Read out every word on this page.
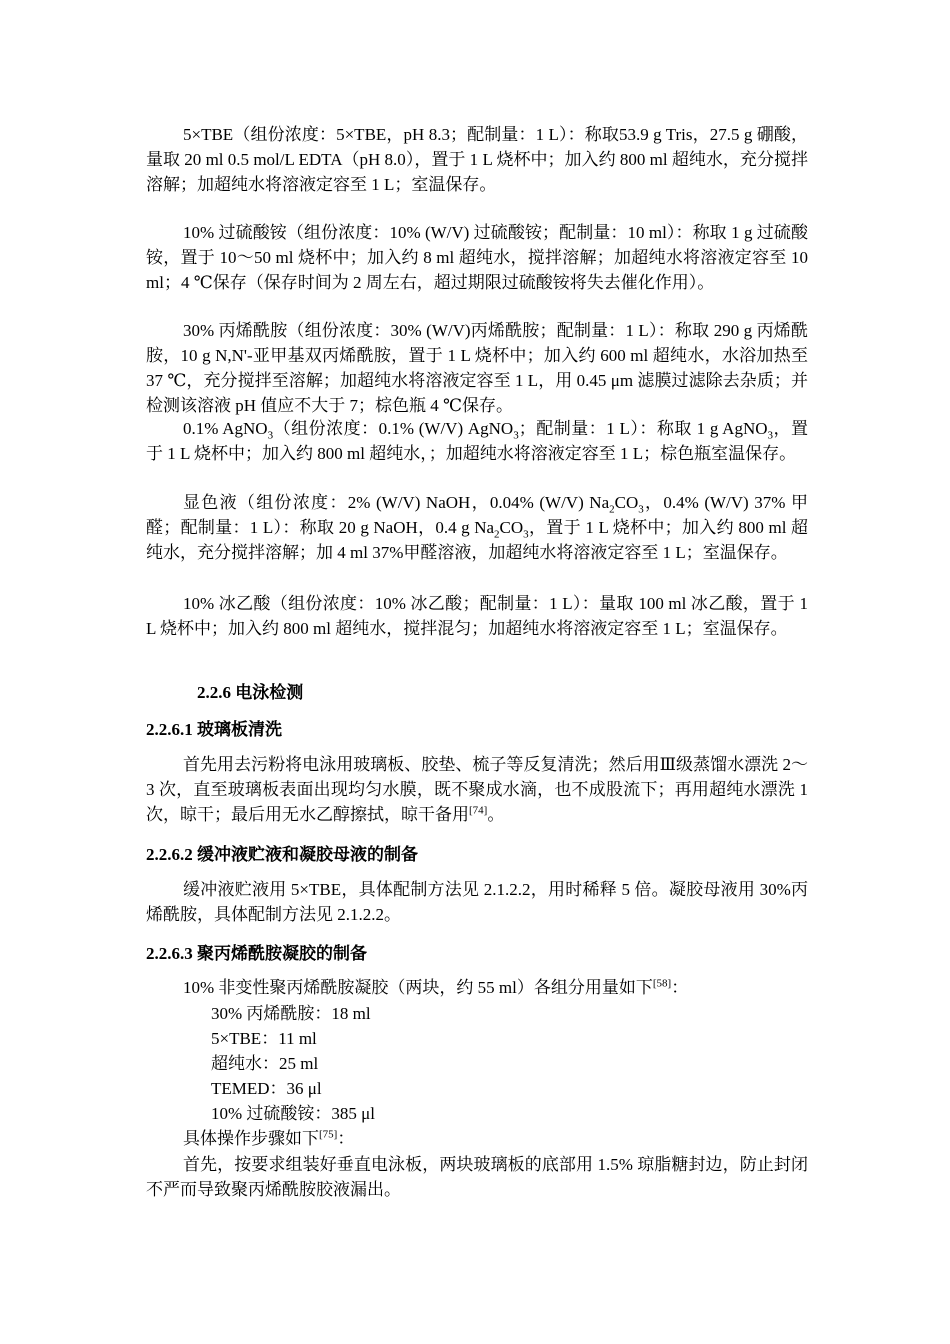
5×TBE（组份浓度：5×TBE，pH 8.3；配制量：1 L）：称取53.9 g Tris，27.5 g 硼酸，量取 20 ml 0.5 mol/L EDTA（pH 8.0），置于 1 L 烧杯中；加入约 800 ml 超纯水，充分搅拌溶解；加超纯水将溶液定容至 1 L；室温保存。

10% 过硫酸铵（组份浓度：10% (W/V) 过硫酸铵；配制量：10 ml）：称取 1 g 过硫酸铵，置于 10～50 ml 烧杯中；加入约 8 ml 超纯水，搅拌溶解；加超纯水将溶液定容至 10 ml；4 ℃保存（保存时间为 2 周左右，超过期限过硫酸铵将失去催化作用）。

30% 丙烯酰胺（组份浓度：30% (W/V)丙烯酰胺；配制量：1 L）：称取 290 g 丙烯酰胺，10 g N,N'-亚甲基双丙烯酰胺，置于 1 L 烧杯中；加入约 600 ml 超纯水，水浴加热至 37 ℃，充分搅拌至溶解；加超纯水将溶液定容至 1 L，用 0.45 μm 滤膜过滤除去杂质；并检测该溶液 pH 值应不大于 7；棕色瓶 4 ℃保存。

0.1% AgNO$_3$（组份浓度：0.1% (W/V) AgNO$_3$；配制量：1 L）：称取 1 g AgNO$_3$，置于 1 L 烧杯中；加入约 800 ml 超纯水，；加超纯水将溶液定容至 1 L；棕色瓶室温保存。

显色液（组份浓度：2% (W/V) NaOH，0.04% (W/V) $Na_2CO_3$，0.4% (W/V) 37% 甲醛；配制量：1 L）：称取 20 g NaOH，0.4 g $Na_2CO_3$，置于 1 L 烧杯中；加入约 800 ml 超纯水，充分搅拌溶解；加 4 ml 37%甲醛溶液，加超纯水将溶液定容至 1 L；室温保存。

10% 冰乙酸（组份浓度：10% 冰乙酸；配制量：1 L）：量取 100 ml 冰乙酸，置于 1 L 烧杯中；加入约 800 ml 超纯水，搅拌混匀；加超纯水将溶液定容至 1 L；室温保存。

2.2.6 电泳检测

2.2.6.1 玻璃板清洗

首先用去污粉将电泳用玻璃板、胶垫、梳子等反复清洗；然后用Ⅲ级蒸馏水漂洗 2～3 次，直至玻璃板表面出现均匀水膜，既不聚成水滴，也不成股流下；再用超纯水漂洗 1 次，晾干；最后用无水乙醇擦拭，晾干备用[74]。

2.2.6.2 缓冲液贮液和凝胶母液的制备

缓冲液贮液用 5×TBE，具体配制方法见 2.1.2.2，用时稀释 5 倍。凝胶母液用 30%丙烯酰胺，具体配制方法见 2.1.2.2。

2.2.6.3 聚丙烯酰胺凝胶的制备

10% 非变性聚丙烯酰胺凝胶（两块，约 55 ml）各组分用量如下[58]：

30% 丙烯酰胺：18 ml

5×TBE：11 ml

超纯水：25 ml

TEMED：36 μl

10% 过硫酸铵：385 μl

具体操作步骤如下[75]：

首先，按要求组装好垂直电泳板，两块玻璃板的底部用 1.5% 琼脂糖封边，防止封闭不严而导致聚丙烯酰胺胶液漏出。
